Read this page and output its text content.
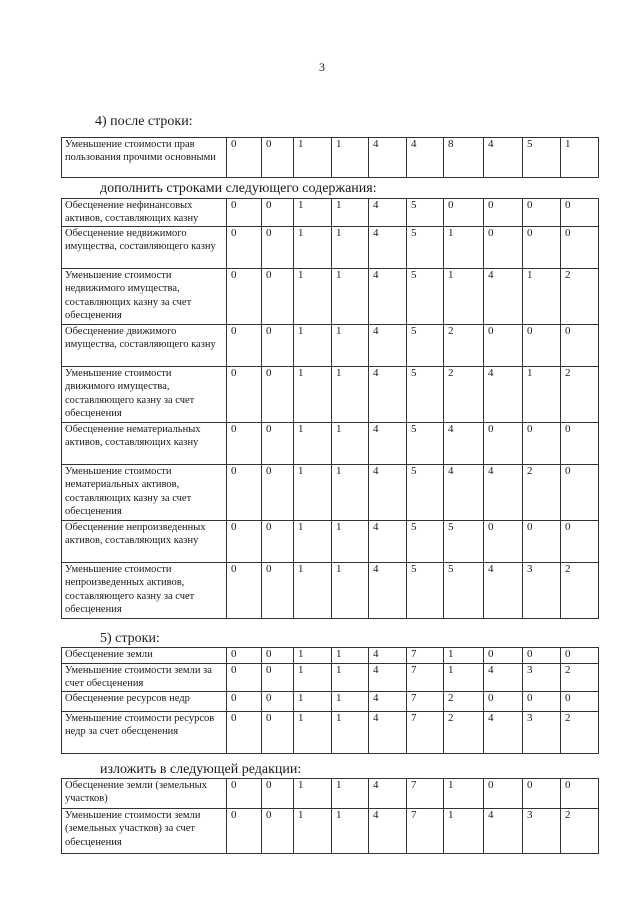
3
4) после строки:
Уменьшение стоимости прав пользования прочими основными	0	0	1	1	4	4	8	4	5	1
дополнить строками следующего содержания:
Обесценение нефинансовых активов, составляющих казну	0	0	1	1	4	5	0	0	0	0
Обесценение недвижимого имущества, составляющего казну	0	0	1	1	4	5	1	0	0	0
Уменьшение стоимости недвижимого имущества, составляющих казну за счет обесценения	0	0	1	1	4	5	1	4	1	2
Обесценение движимого имущества, составляющего казну	0	0	1	1	4	5	2	0	0	0
Уменьшение стоимости движимого имущества, составляющего казну за счет обесценения	0	0	1	1	4	5	2	4	1	2
Обесценение нематериальных активов, составляющих казну	0	0	1	1	4	5	4	0	0	0
Уменьшение стоимости нематериальных активов, составляющих казну за счет обесценения	0	0	1	1	4	5	4	4	2	0
Обесценение непроизведенных активов, составляющих казну	0	0	1	1	4	5	5	0	0	0
Уменьшение стоимости непроизведенных активов, составляющего казну за счет обесценения	0	0	1	1	4	5	5	4	3	2
5) строки:
Обесценение земли	0	0	1	1	4	7	1	0	0	0
Уменьшение стоимости земли за счет обесценения	0	0	1	1	4	7	1	4	3	2
Обесценение ресурсов недр	0	0	1	1	4	7	2	0	0	0
Уменьшение стоимости ресурсов недр за счет обесценения	0	0	1	1	4	7	2	4	3	2
изложить в следующей редакции:
Обесценение земли (земельных участков)	0	0	1	1	4	7	1	0	0	0
Уменьшение стоимости земли (земельных участков) за счет обесценения	0	0	1	1	4	7	1	4	3	2
